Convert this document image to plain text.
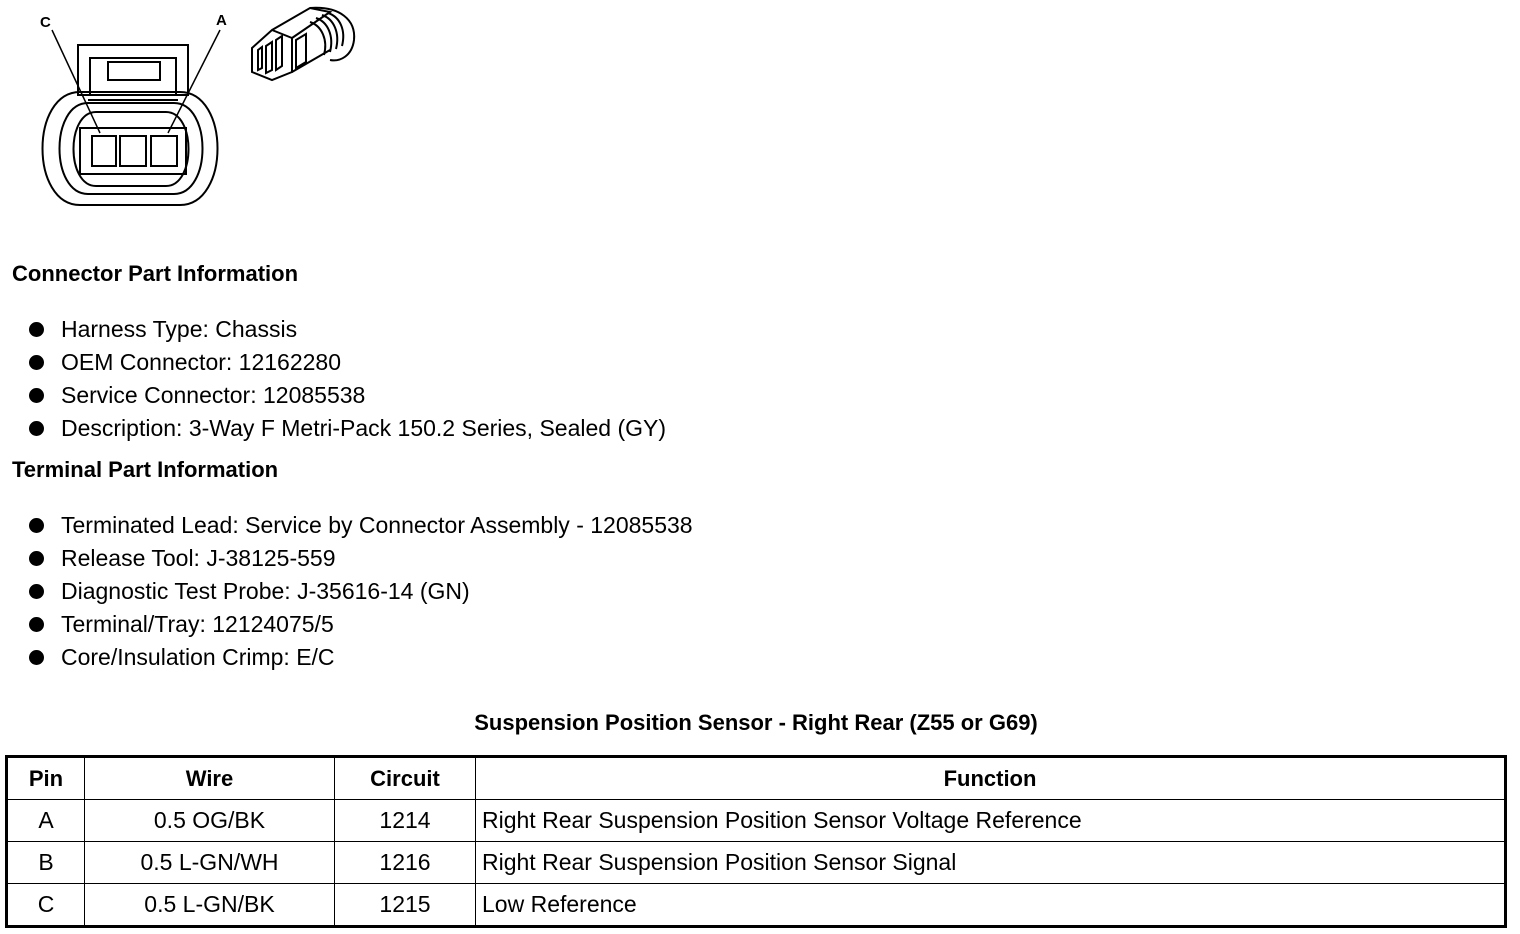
C	A
Connector Part Information
Harness Type: Chassis
OEM Connector: 12162280
Service Connector: 12085538
Description: 3-Way F Metri-Pack 150.2 Series, Sealed (GY)
Terminal Part Information
Terminated Lead: Service by Connector Assembly - 12085538
Release Tool: J-38125-559
Diagnostic Test Probe: J-35616-14 (GN)
Terminal/Tray: 12124075/5
Core/Insulation Crimp: E/C
Suspension Position Sensor - Right Rear (Z55 or G69)
Pin	Wire	Circuit	Function
A	0.5 OG/BK	1214	Right Rear Suspension Position Sensor Voltage Reference
B	0.5 L-GN/WH	1216	Right Rear Suspension Position Sensor Signal
C	0.5 L-GN/BK	1215	Low Reference
